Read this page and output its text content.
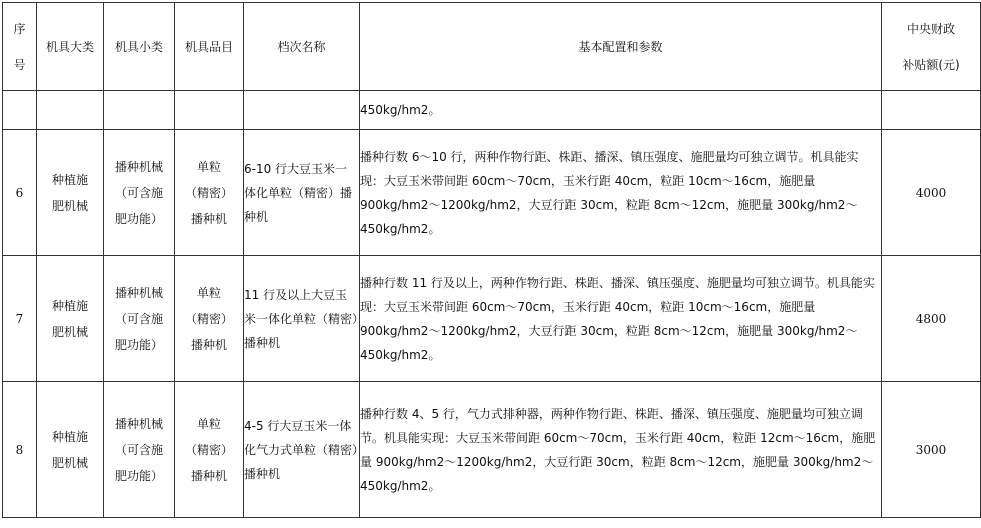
序
号	机具大类	机具小类	机具品目	档次名称	基本配置和参数	中央财政
补贴额(元)

					450kg/hm2。	
6	种植施
肥机械	播种机械
（可含施
肥功能）	单粒
（精密）
播种机	6-10 行大豆玉米一体化单粒（精密）播种机	播种行数 6～10 行，两种作物行距、株距、播深、镇压强度、施肥量均可独立调节。机具能实现：大豆玉米带间距 60cm～70cm，玉米行距 40cm，粒距 10cm～16cm，施肥量 900kg/hm2～1200kg/hm2，大豆行距 30cm，粒距 8cm～12cm，施肥量 300kg/hm2～450kg/hm2。	4000
7	种植施
肥机械	播种机械
（可含施
肥功能）	单粒
（精密）
播种机	11 行及以上大豆玉米一体化单粒（精密）播种机	播种行数 11 行及以上，两种作物行距、株距、播深、镇压强度、施肥量均可独立调节。机具能实现：大豆玉米带间距 60cm～70cm，玉米行距 40cm，粒距 10cm～16cm，施肥量 900kg/hm2～1200kg/hm2，大豆行距 30cm，粒距 8cm～12cm，施肥量 300kg/hm2～450kg/hm2。	4800
8	种植施
肥机械	播种机械
（可含施
肥功能）	单粒
（精密）
播种机	4-5 行大豆玉米一体化气力式单粒（精密）播种机	播种行数 4、5 行，气力式排种器，两种作物行距、株距、播深、镇压强度、施肥量均可独立调节。机具能实现：大豆玉米带间距 60cm～70cm，玉米行距 40cm，粒距 12cm～16cm，施肥量 900kg/hm2～1200kg/hm2，大豆行距 30cm，粒距 8cm～12cm，施肥量 300kg/hm2～450kg/hm2。	3000
